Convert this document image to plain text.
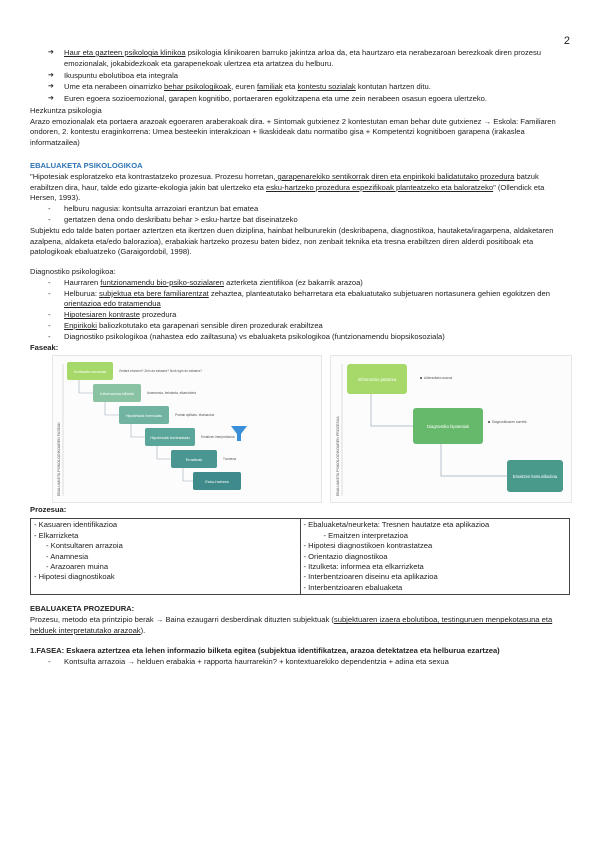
2
➔ Haur eta gazteen psikologia klinikoa psikologia klinikoaren barruko jakintza arloa da, eta haurtzaro eta nerabezaroan berezkoak diren prozesu emozionalak, jokabidezkoak eta garapenekoak ulertzea eta artatzea du helburu.
➔ Ikuspuntu ebolutiboa eta integrala
➔ Ume eta nerabeen oinarrizko behar psikologikoak, euren familiak eta kontestu sozialak kontutan hartzen ditu.
➔ Euren egoera sozioemozional, garapen kognitibo, portaeraren egokitzapena eta ume zein nerabeen osasun egoera ulertzeko.

Hezkuntza psikologia

Arazo emozionalak eta portaera arazoak egoeraren araberakoak dira. + Sintomak gutxienez 2 kontestutan eman behar dute gutxienez → Eskola: Familiaren ondoren, 2. kontestu eraginkorrena: Umea besteekin interakzioan + Ikaskideak datu normatibo gisa + Kompetentzi kognitiboen garapena (irakaslea informatzailea)

EBALUAKETA PSIKOLOGIKOA

"Hipotesiak esploratzeko eta kontrastatzeko prozesua. Prozesu horretan, garapenarekiko sentikorrak diren eta enpirikoki balidatutako prozedura batzuk erabiltzen dira, haur, talde edo gizarte-ekologia jakin bat ulertzeko eta esku-hartzeko prozedura espezifikoak planteatzeko eta baloratzeko" (Ollendick eta Hersen, 1993).

- helburu nagusia: kontsulta arrazoiari erantzun bat ematea
- gertatzen dena ondo deskribatu behar > esku-hartze bat diseinatzeko

Subjektu edo talde baten portaer aztertzen eta ikertzen duen diziplina, hainbat helbururekin (deskribapena, diagnostikoa, hautaketa/iragarpena, aldaketaren azalpena, aldaketa eta/edo balorazioa), erabakiak hartzeko prozesu baten bidez, non zenbait teknika eta tresna erabiltzen diren alderdi positiboak eta patologikoak ebaluatzeko (Garaigordobil, 1998).

Diagnostiko psikologikoa:

- Haurraren funtzionamendu bio-psiko-sozialaren azterketa zientifikoa (ez bakarrik arazoa)
- Helburua: subjektua eta bere familiarentzat zehaztea, planteatutako beharretara eta ebaluatutako subjetuaren nortasunera gehien egokitzen den orientazioa edo tratamendua
- Hipotesiaren kontraste prozedura
- Enpirikoki baliozkotutako eta garapenari sensible diren prozedurak erabiltzea
- Diagnostiko psikologikoa (nahastea edo zailtasuna) vs ebaluaketa psikologikoa (funtzionamendu biopsikosoziala)

Faseak:

EBALUAKETA PSIKOLOGIKOAREN FASEAK
Kontsulta arrazoia
Informazioa bilketa
Hipotesiak formulatu
Hipotesiak kontrastatu
Emaitzak
Esku-hartzea
Zertara etortzen? Zein da eskaera? Nork egin du eskaera?
Anamnesia, behaketa, elkarrizketa
Probak aplikatu, ebaluazioa
Emaitzen interpretazioa
Txostena	EBALUAKETA PSIKOLOGIKOAREN PROZESUA
Informazioa jasotzea
Diagnostiko hipotesiak
Emaitzen komunikazioa
Adierazitako arazoa
Diagnostikoaren aurretik

Prozesua:

- Kasuaren identifikazioa
- Elkarrizketa
- Kontsultaren arrazoia
- Anamnesia
- Arazoaren muina
- Hipotesi diagnostikoak

- Ebaluaketa/neurketa: Tresnen hautatze eta aplikazioa
- Emaitzen interpretazioa
- Hipotesi diagnostikoen kontrastatzea
- Orientazio diagnostikoa
- Itzulketa: informea eta elkarrizketa
- Interbentzioaren diseinu eta aplikazioa
- Interbentzioaren ebaluaketa

EBALUAKETA PROZEDURA:

Prozesu, metodo eta printzipio berak → Baina ezaugarri desberdinak dituzten subjektuak (subjektuaren izaera ebolutiboa, testinguruen menpekotasuna eta helduek interpretatutako arazoak).

1.FASEA: Eskaera aztertzea eta lehen informazio bilketa egitea (subjektua identifikatzea, arazoa detektatzea eta helburua ezartzea)

- Kontsulta arrazoia → helduen erabakia + rapporta haurrarekin? + kontextuarekiko dependentzia + adina eta sexua
